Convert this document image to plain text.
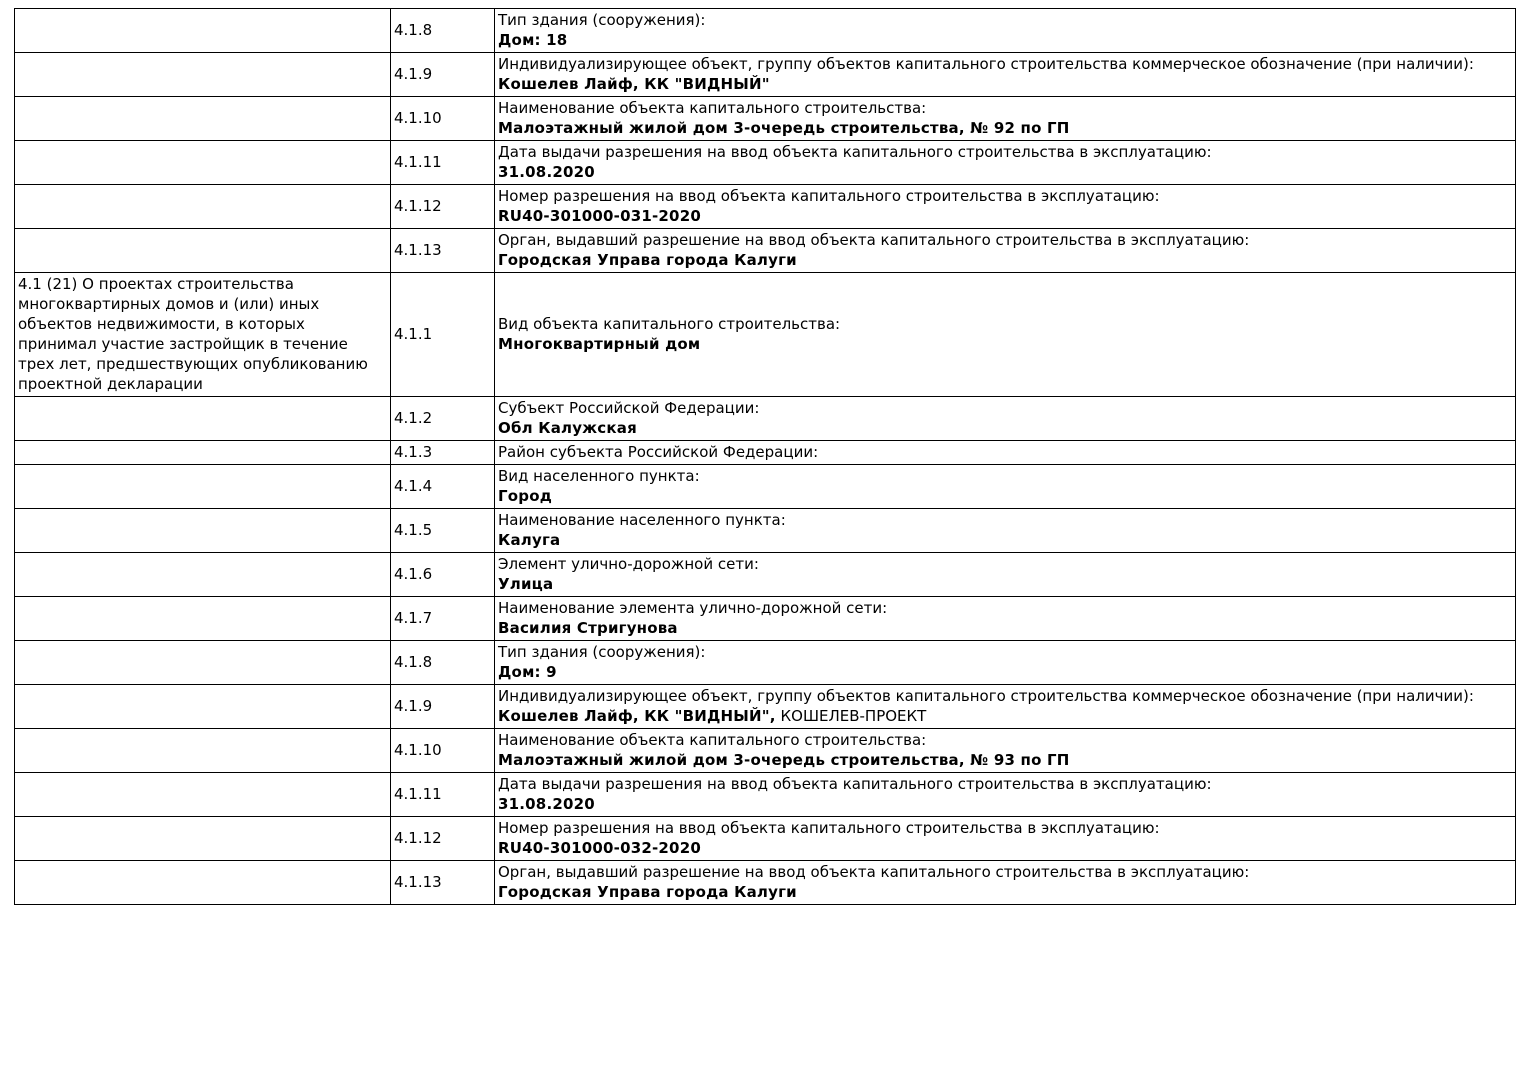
	4.1.8	Тип здания (сооружения):
Дом: 18

	4.1.9	Индивидуализирующее объект, группу объектов капитального строительства коммерческое обозначение (при наличии):
Кошелев Лайф, КК "ВИДНЫЙ"

	4.1.10	Наименование объекта капитального строительства:
Малоэтажный жилой дом 3-очередь строительства, № 92 по ГП

	4.1.11	Дата выдачи разрешения на ввод объекта капитального строительства в эксплуатацию:
31.08.2020

	4.1.12	Номер разрешения на ввод объекта капитального строительства в эксплуатацию:
RU40-301000-031-2020

	4.1.13	Орган, выдавший разрешение на ввод объекта капитального строительства в эксплуатацию:
Городская Управа города Калуги

4.1 (21) О проектах строительства многоквартирных домов и (или) иных объектов недвижимости, в которых принимал участие застройщик в течение трех лет, предшествующих опубликованию проектной декларации	4.1.1	Вид объекта капитального строительства:
Многоквартирный дом

	4.1.2	Субъект Российской Федерации:
Обл Калужская

	4.1.3	Район субъекта Российской Федерации:

	4.1.4	Вид населенного пункта:
Город

	4.1.5	Наименование населенного пункта:
Калуга

	4.1.6	Элемент улично-дорожной сети:
Улица

	4.1.7	Наименование элемента улично-дорожной сети:
Василия Стригунова

	4.1.8	Тип здания (сооружения):
Дом: 9

	4.1.9	Индивидуализирующее объект, группу объектов капитального строительства коммерческое обозначение (при наличии):
Кошелев Лайф, КК "ВИДНЫЙ", КОШЕЛЕВ-ПРОЕКТ

	4.1.10	Наименование объекта капитального строительства:
Малоэтажный жилой дом 3-очередь строительства, № 93 по ГП

	4.1.11	Дата выдачи разрешения на ввод объекта капитального строительства в эксплуатацию:
31.08.2020

	4.1.12	Номер разрешения на ввод объекта капитального строительства в эксплуатацию:
RU40-301000-032-2020

	4.1.13	Орган, выдавший разрешение на ввод объекта капитального строительства в эксплуатацию:
Городская Управа города Калуги
